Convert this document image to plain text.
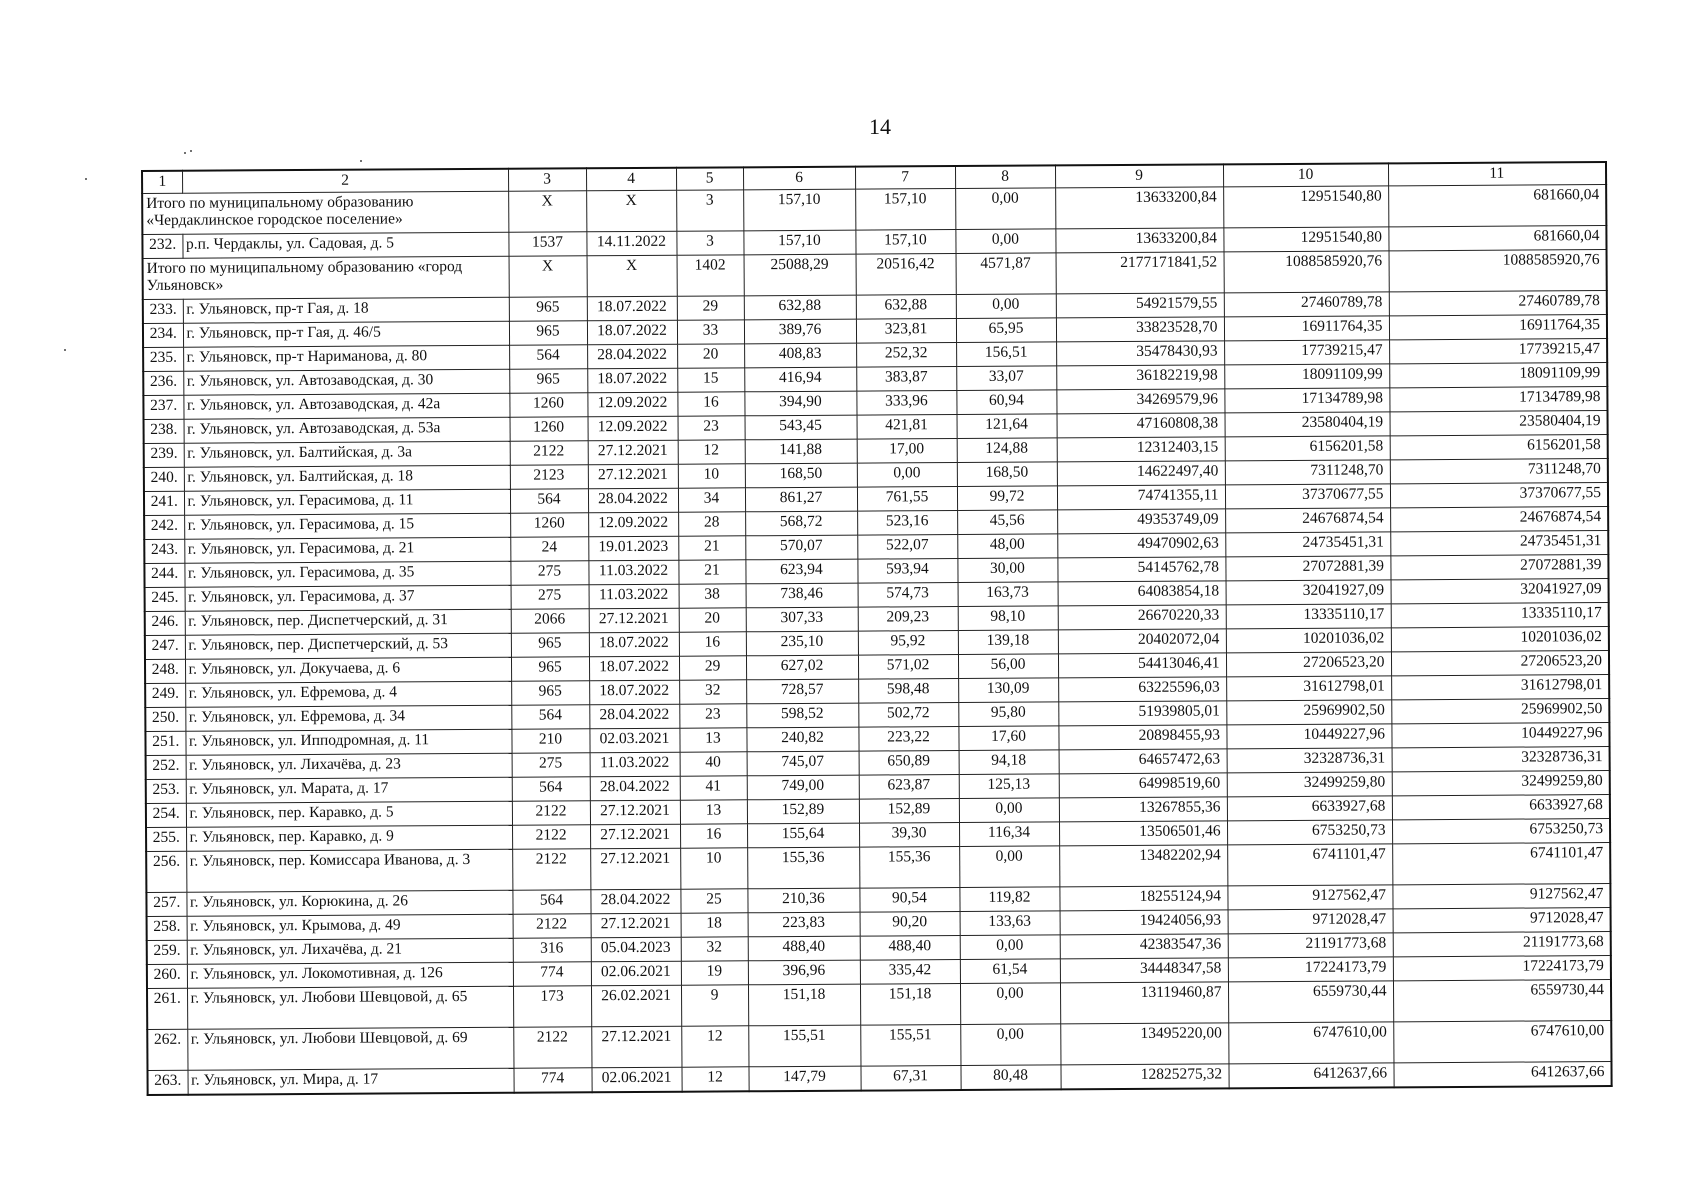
14
1	2	3	4	5	6	7	8	9	10	11
Итого по муниципальному образованию «Чердаклинское городское поселение»		Х	Х	3	157,10	157,10	0,00	13633200,84	12951540,80	681660,04
232.	р.п. Чердаклы, ул. Садовая, д. 5	1537	14.11.2022	3	157,10	157,10	0,00	13633200,84	12951540,80	681660,04
Итого по муниципальному образованию «город Ульяновск»		Х	Х	1402	25088,29	20516,42	4571,87	2177171841,52	1088585920,76	1088585920,76
233.	г. Ульяновск, пр-т Гая, д. 18	965	18.07.2022	29	632,88	632,88	0,00	54921579,55	27460789,78	27460789,78
234.	г. Ульяновск, пр-т Гая, д. 46/5	965	18.07.2022	33	389,76	323,81	65,95	33823528,70	16911764,35	16911764,35
235.	г. Ульяновск, пр-т Нариманова, д. 80	564	28.04.2022	20	408,83	252,32	156,51	35478430,93	17739215,47	17739215,47
236.	г. Ульяновск, ул. Автозаводская, д. 30	965	18.07.2022	15	416,94	383,87	33,07	36182219,98	18091109,99	18091109,99
237.	г. Ульяновск, ул. Автозаводская, д. 42а	1260	12.09.2022	16	394,90	333,96	60,94	34269579,96	17134789,98	17134789,98
238.	г. Ульяновск, ул. Автозаводская, д. 53а	1260	12.09.2022	23	543,45	421,81	121,64	47160808,38	23580404,19	23580404,19
239.	г. Ульяновск, ул. Балтийская, д. 3а	2122	27.12.2021	12	141,88	17,00	124,88	12312403,15	6156201,58	6156201,58
240.	г. Ульяновск, ул. Балтийская, д. 18	2123	27.12.2021	10	168,50	0,00	168,50	14622497,40	7311248,70	7311248,70
241.	г. Ульяновск, ул. Герасимова, д. 11	564	28.04.2022	34	861,27	761,55	99,72	74741355,11	37370677,55	37370677,55
242.	г. Ульяновск, ул. Герасимова, д. 15	1260	12.09.2022	28	568,72	523,16	45,56	49353749,09	24676874,54	24676874,54
243.	г. Ульяновск, ул. Герасимова, д. 21	24	19.01.2023	21	570,07	522,07	48,00	49470902,63	24735451,31	24735451,31
244.	г. Ульяновск, ул. Герасимова, д. 35	275	11.03.2022	21	623,94	593,94	30,00	54145762,78	27072881,39	27072881,39
245.	г. Ульяновск, ул. Герасимова, д. 37	275	11.03.2022	38	738,46	574,73	163,73	64083854,18	32041927,09	32041927,09
246.	г. Ульяновск, пер. Диспетчерский, д. 31	2066	27.12.2021	20	307,33	209,23	98,10	26670220,33	13335110,17	13335110,17
247.	г. Ульяновск, пер. Диспетчерский, д. 53	965	18.07.2022	16	235,10	95,92	139,18	20402072,04	10201036,02	10201036,02
248.	г. Ульяновск, ул. Докучаева, д. 6	965	18.07.2022	29	627,02	571,02	56,00	54413046,41	27206523,20	27206523,20
249.	г. Ульяновск, ул. Ефремова, д. 4	965	18.07.2022	32	728,57	598,48	130,09	63225596,03	31612798,01	31612798,01
250.	г. Ульяновск, ул. Ефремова, д. 34	564	28.04.2022	23	598,52	502,72	95,80	51939805,01	25969902,50	25969902,50
251.	г. Ульяновск, ул. Ипподромная, д. 11	210	02.03.2021	13	240,82	223,22	17,60	20898455,93	10449227,96	10449227,96
252.	г. Ульяновск, ул. Лихачёва, д. 23	275	11.03.2022	40	745,07	650,89	94,18	64657472,63	32328736,31	32328736,31
253.	г. Ульяновск, ул. Марата, д. 17	564	28.04.2022	41	749,00	623,87	125,13	64998519,60	32499259,80	32499259,80
254.	г. Ульяновск, пер. Каравко, д. 5	2122	27.12.2021	13	152,89	152,89	0,00	13267855,36	6633927,68	6633927,68
255.	г. Ульяновск, пер. Каравко, д. 9	2122	27.12.2021	16	155,64	39,30	116,34	13506501,46	6753250,73	6753250,73
256.	г. Ульяновск, пер. Комиссара Иванова, д. 3	2122	27.12.2021	10	155,36	155,36	0,00	13482202,94	6741101,47	6741101,47
257.	г. Ульяновск, ул. Корюкина, д. 26	564	28.04.2022	25	210,36	90,54	119,82	18255124,94	9127562,47	9127562,47
258.	г. Ульяновск, ул. Крымова, д. 49	2122	27.12.2021	18	223,83	90,20	133,63	19424056,93	9712028,47	9712028,47
259.	г. Ульяновск, ул. Лихачёва, д. 21	316	05.04.2023	32	488,40	488,40	0,00	42383547,36	21191773,68	21191773,68
260.	г. Ульяновск, ул. Локомотивная, д. 126	774	02.06.2021	19	396,96	335,42	61,54	34448347,58	17224173,79	17224173,79
261.	г. Ульяновск, ул. Любови Шевцовой, д. 65	173	26.02.2021	9	151,18	151,18	0,00	13119460,87	6559730,44	6559730,44
262.	г. Ульяновск, ул. Любови Шевцовой, д. 69	2122	27.12.2021	12	155,51	155,51	0,00	13495220,00	6747610,00	6747610,00
263.	г. Ульяновск, ул. Мира, д. 17	774	02.06.2021	12	147,79	67,31	80,48	12825275,32	6412637,66	6412637,66
